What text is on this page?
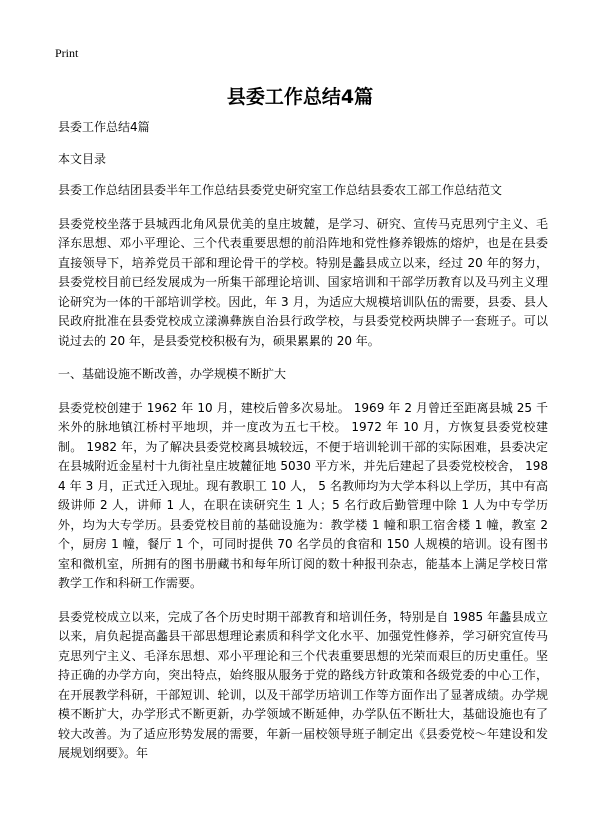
Print
县委工作总结4篇

县委工作总结4篇

本文目录

县委工作总结团县委半年工作总结县委党史研究室工作总结县委农工部工作总结范文

县委党校坐落于县城西北角风景优美的皇庄坡麓，是学习、研究、宣传马克思列宁主义、毛泽东思想、邓小平理论、三个代表重要思想的前沿阵地和党性修养锻炼的熔炉，也是在县委直接领导下，培养党员干部和理论骨干的学校。特别是蠡县成立以来，经过 20 年的努力，县委党校目前已经发展成为一所集干部理论培训、国家培训和干部学历教育以及马列主义理论研究为一体的干部培训学校。因此，年 3 月，为适应大规模培训队伍的需要，县委、县人民政府批准在县委党校成立漾濞彝族自治县行政学校，与县委党校两块牌子一套班子。可以说过去的 20 年，是县委党校积极有为，硕果累累的 20 年。

一、基础设施不断改善，办学规模不断扩大

县委党校创建于 1962 年 10 月，建校后曾多次易址。 1969 年 2 月曾迁至距离县城 25 千米外的脉地镇江桥村平地坝，并一度改为五七干校。 1972 年 10 月，方恢复县委党校建制。 1982 年，为了解决县委党校离县城较远，不便于培训轮训干部的实际困难，县委决定在县城附近金星村十九街社皇庄坡麓征地 5030 平方米，并先后建起了县委党校校舍， 1984 年 3 月，正式迁入现址。现有教职工 10 人， 5 名教师均为大学本科以上学历，其中有高级讲师 2 人，讲师 1 人，在职在读研究生 1 人；5 名行政后勤管理中除 1 人为中专学历外，均为大专学历。县委党校目前的基础设施为：教学楼 1 幢和职工宿舍楼 1 幢，教室 2 个，厨房 1 幢，餐厅 1 个，可同时提供 70 名学员的食宿和 150 人规模的培训。设有图书室和微机室，所拥有的图书册藏书和每年所订阅的数十种报刊杂志，能基本上满足学校日常教学工作和科研工作需要。

县委党校成立以来，完成了各个历史时期干部教育和培训任务，特别是自 1985 年蠡县成立以来，肩负起提高蠡县干部思想理论素质和科学文化水平、加强党性修养，学习研究宣传马克思列宁主义、毛泽东思想、邓小平理论和三个代表重要思想的光荣而艰巨的历史重任。坚持正确的办学方向，突出特点，始终服从服务于党的路线方针政策和各级党委的中心工作，在开展教学科研，干部短训、轮训，以及干部学历培训工作等方面作出了显著成绩。办学规模不断扩大，办学形式不断更新，办学领域不断延伸，办学队伍不断壮大，基础设施也有了较大改善。为了适应形势发展的需要，年新一届校领导班子制定出《县委党校～年建设和发展规划纲要》。年
